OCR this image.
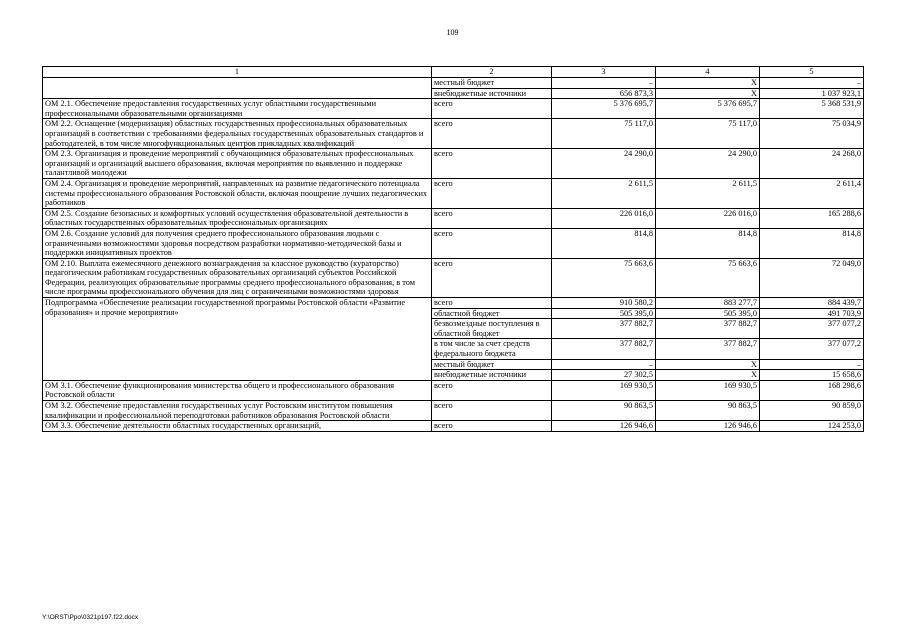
109
1	2	3	4	5
	местный бюджет	–	X	–
	внебюджетные источники	656 873,3	X	1 037 923,1
ОМ 2.1. Обеспечение предоставления государственных услуг областными государственными профессиональными образовательными организациями	всего	5 376 695,7	5 376 695,7	5 368 531,9
ОМ 2.2. Оснащение (модернизация) областных государственных профессиональных образовательных организаций в соответствии с требованиями федеральных государственных образовательных стандартов и работодателей, в том числе многофункциональных центров прикладных квалификаций	всего	75 117,0	75 117,0	75 034,9
ОМ 2.3. Организация и проведение мероприятий с обучающимися образовательных профессиональных организаций и организаций высшего образования, включая мероприятия по выявлению и поддержке талантливой молодежи	всего	24 290,0	24 290,0	24 268,0
ОМ 2.4. Организация и проведение мероприятий, направленных на развитие педагогического потенциала системы профессионального образования Ростовской области, включая поощрение лучших педагогических работников	всего	2 611,5	2 611,5	2 611,4
ОМ 2.5. Создание безопасных и комфортных условий осуществления образовательной деятельности в областных государственных образовательных профессиональных организациях	всего	226 016,0	226 016,0	165 288,6
ОМ 2.6. Создание условий для получения среднего профессионального образования людьми с ограниченными возможностями здоровья посредством разработки нормативно-методической базы и поддержки инициативных проектов	всего	814,8	814,8	814,8
ОМ 2.10. Выплата ежемесячного денежного вознаграждения за классное руководство (кураторство) педагогическим работникам государственных образовательных организаций субъектов Российской Федерации, реализующих образовательные программы среднего профессионального образования, в том числе программы профессионального обучения для лиц с ограниченными возможностями здоровья	всего	75 663,6	75 663,6	72 049,0
Подпрограмма «Обеспечение реализации государственной программы Ростовской области «Развитие образования» и прочие мероприятия»	всего	910 580,2	883 277,7	884 439,7
	областной бюджет	505 395,0	505 395,0	491 703,9
	безвозмездные поступления в областной бюджет	377 882,7	377 882,7	377 077,2
	в том числе за счет средств федерального бюджета	377 882,7	377 882,7	377 077,2
	местный бюджет	–	X	–
	внебюджетные источники	27 302,5	X	15 658,6
ОМ 3.1. Обеспечение функционирования министерства общего и профессионального образования Ростовской области	всего	169 930,5	169 930,5	168 298,6
ОМ 3.2. Обеспечение предоставления государственных услуг Ростовским институтом повышения квалификации и профессиональной переподготовки работников образования Ростовской области	всего	90 863,5	90 863,5	90 859,0
ОМ 3.3. Обеспечение деятельности областных государственных организаций,	всего	126 946,6	126 946,6	124 253,0
Y:\ORST\Ppo\0321p197.f22.docx
